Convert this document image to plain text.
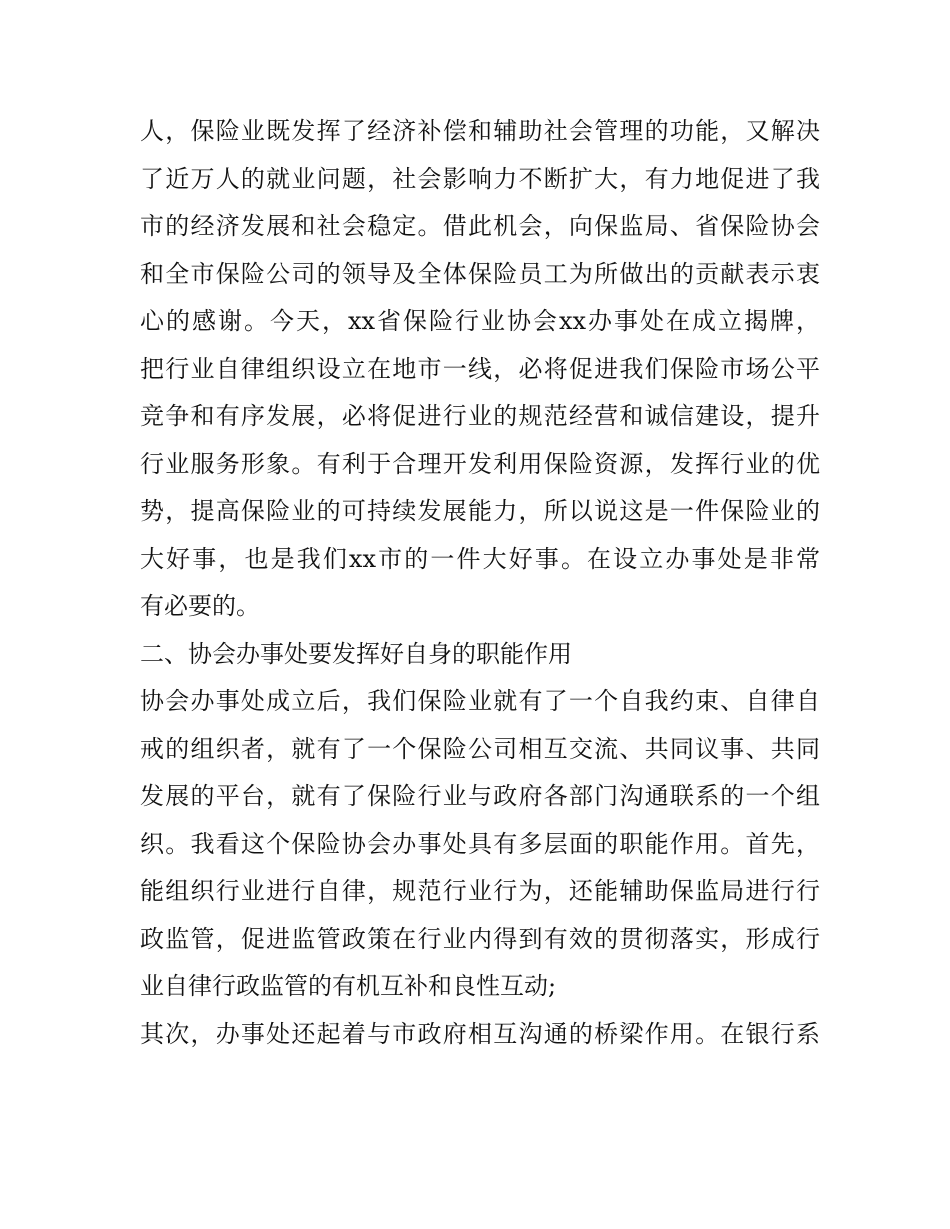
人，保险业既发挥了经济补偿和辅助社会管理的功能，又解决
了近万人的就业问题，社会影响力不断扩大，有力地促进了我
市的经济发展和社会稳定。借此机会，向保监局、省保险协会
和全市保险公司的领导及全体保险员工为所做出的贡献表示衷
心的感谢。今天，xx省保险行业协会xx办事处在成立揭牌，
把行业自律组织设立在地市一线，必将促进我们保险市场公平
竞争和有序发展，必将促进行业的规范经营和诚信建设，提升
行业服务形象。有利于合理开发利用保险资源，发挥行业的优
势，提高保险业的可持续发展能力，所以说这是一件保险业的
大好事，也是我们xx市的一件大好事。在设立办事处是非常
有必要的。
二、协会办事处要发挥好自身的职能作用
协会办事处成立后，我们保险业就有了一个自我约束、自律自
戒的组织者，就有了一个保险公司相互交流、共同议事、共同
发展的平台，就有了保险行业与政府各部门沟通联系的一个组
织。我看这个保险协会办事处具有多层面的职能作用。首先，
能组织行业进行自律，规范行业行为，还能辅助保监局进行行
政监管，促进监管政策在行业内得到有效的贯彻落实，形成行
业自律行政监管的有机互补和良性互动;
其次，办事处还起着与市政府相互沟通的桥梁作用。在银行系
